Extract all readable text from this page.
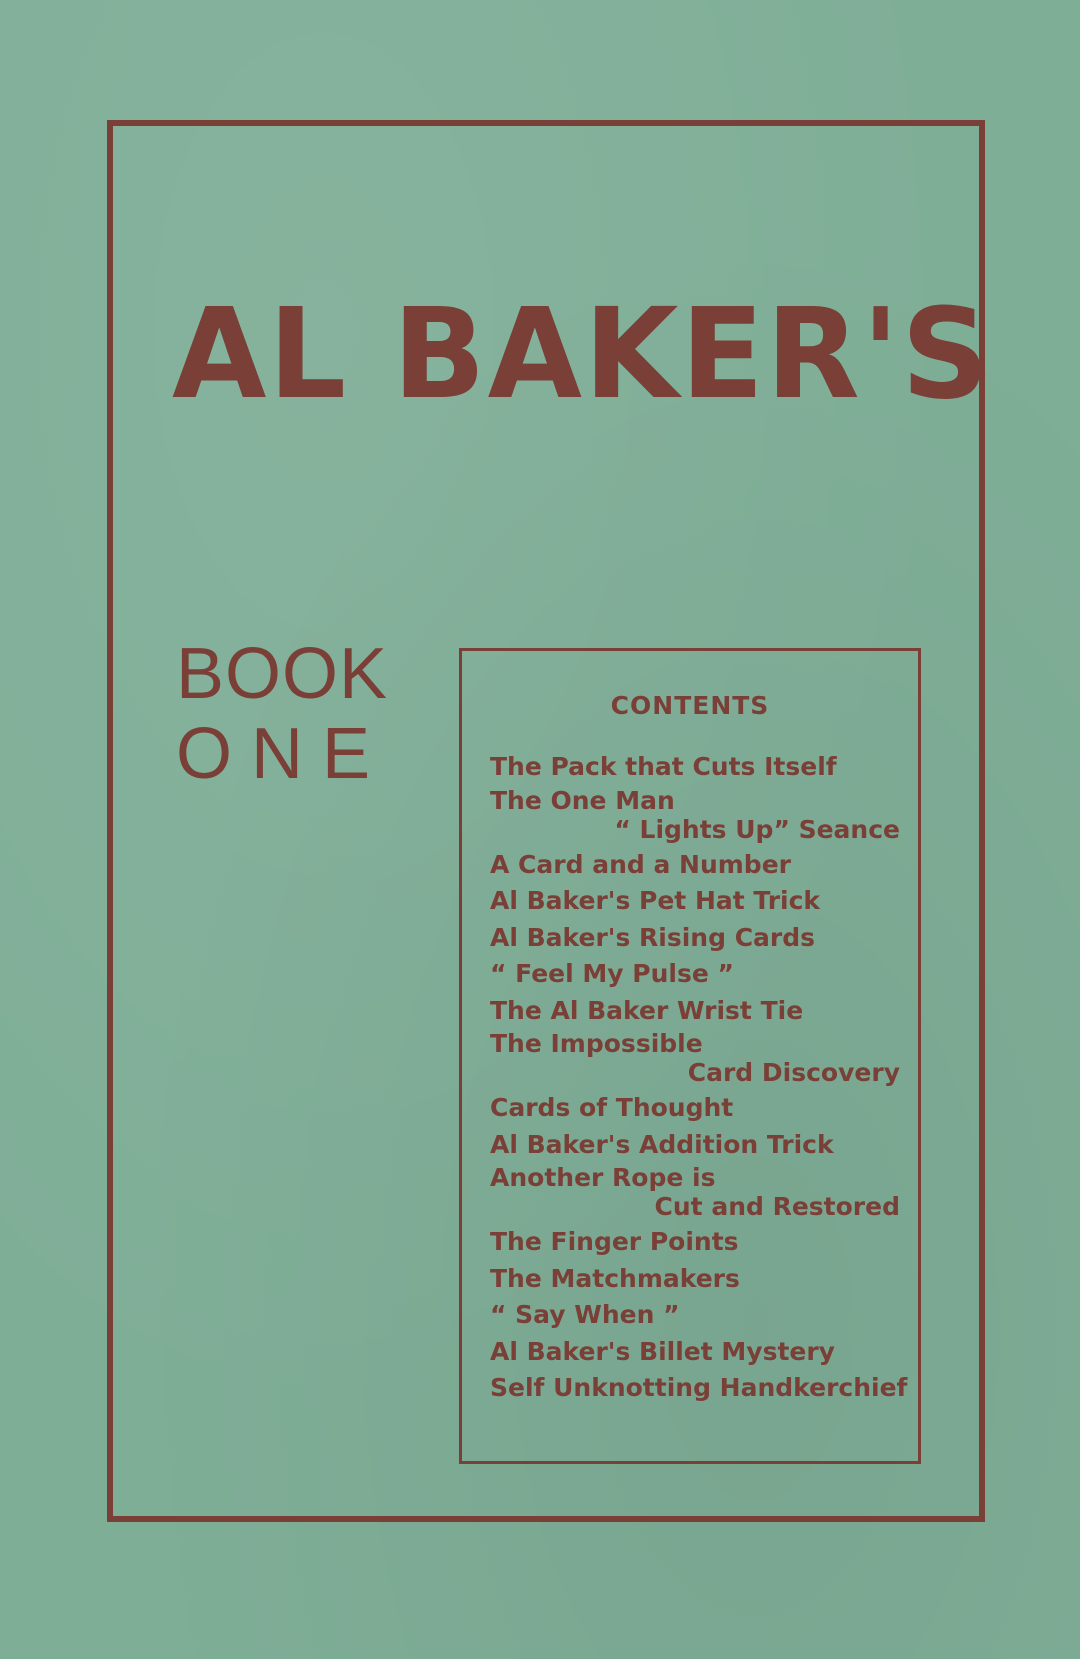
AL BAKER'S
BOOK
ONE
CONTENTS
The Pack that Cuts Itself
The One Man
“ Lights Up” Seance
A Card and a Number
Al Baker's Pet Hat Trick
Al Baker's Rising Cards
“ Feel My Pulse ”
The Al Baker Wrist Tie
The Impossible
Card Discovery
Cards of Thought
Al Baker's Addition Trick
Another Rope is
Cut and Restored
The Finger Points
The Matchmakers
“ Say When ”
Al Baker's Billet Mystery
Self Unknotting Handkerchief
